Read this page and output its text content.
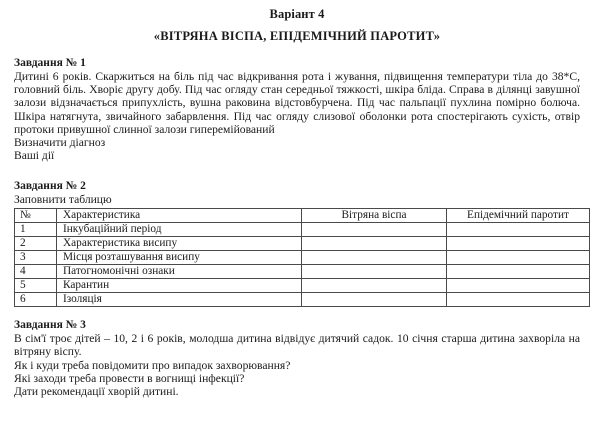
Варіант 4
«ВІТРЯНА ВІСПА, ЕПІДЕМІЧНИЙ ПАРОТИТ»

Завдання № 1

Дитині 6 років. Скаржиться на біль під час відкривання рота і жування, підвищення температури тіла до 38*С, головний біль. Хворіє другу добу. Під час огляду стан середньої тяжкості, шкіра бліда. Справа в ділянці завушної залози відзначається припухлість, вушна раковина відстовбурчена. Під час пальпації пухлина помірно болюча. Шкіра натягнута, звичайного забарвлення. Під час огляду слизової оболонки рота спостерігають сухість, отвір протоки привушної слинної залози гиперемійований

Визначити діагноз

Ваші дії

Завдання № 2

Заповнити таблицю

№	Характеристика	Вітряна віспа	Епідемічний паротит
1	Інкубаційний період		
2	Характеристика висипу		
3	Місця розташування висипу		
4	Патогномонічні ознаки		
5	Карантин		
6	Ізоляція		

Завдання № 3

В сім'ї троє дітей – 10, 2 і 6 років, молодша дитина відвідує дитячий садок. 10 січня старша дитина захворіла на вітряну віспу.

Як і куди треба повідомити про випадок захворювання?

Які заходи треба провести в вогнищі інфекції?

Дати рекомендації хворій дитині.
